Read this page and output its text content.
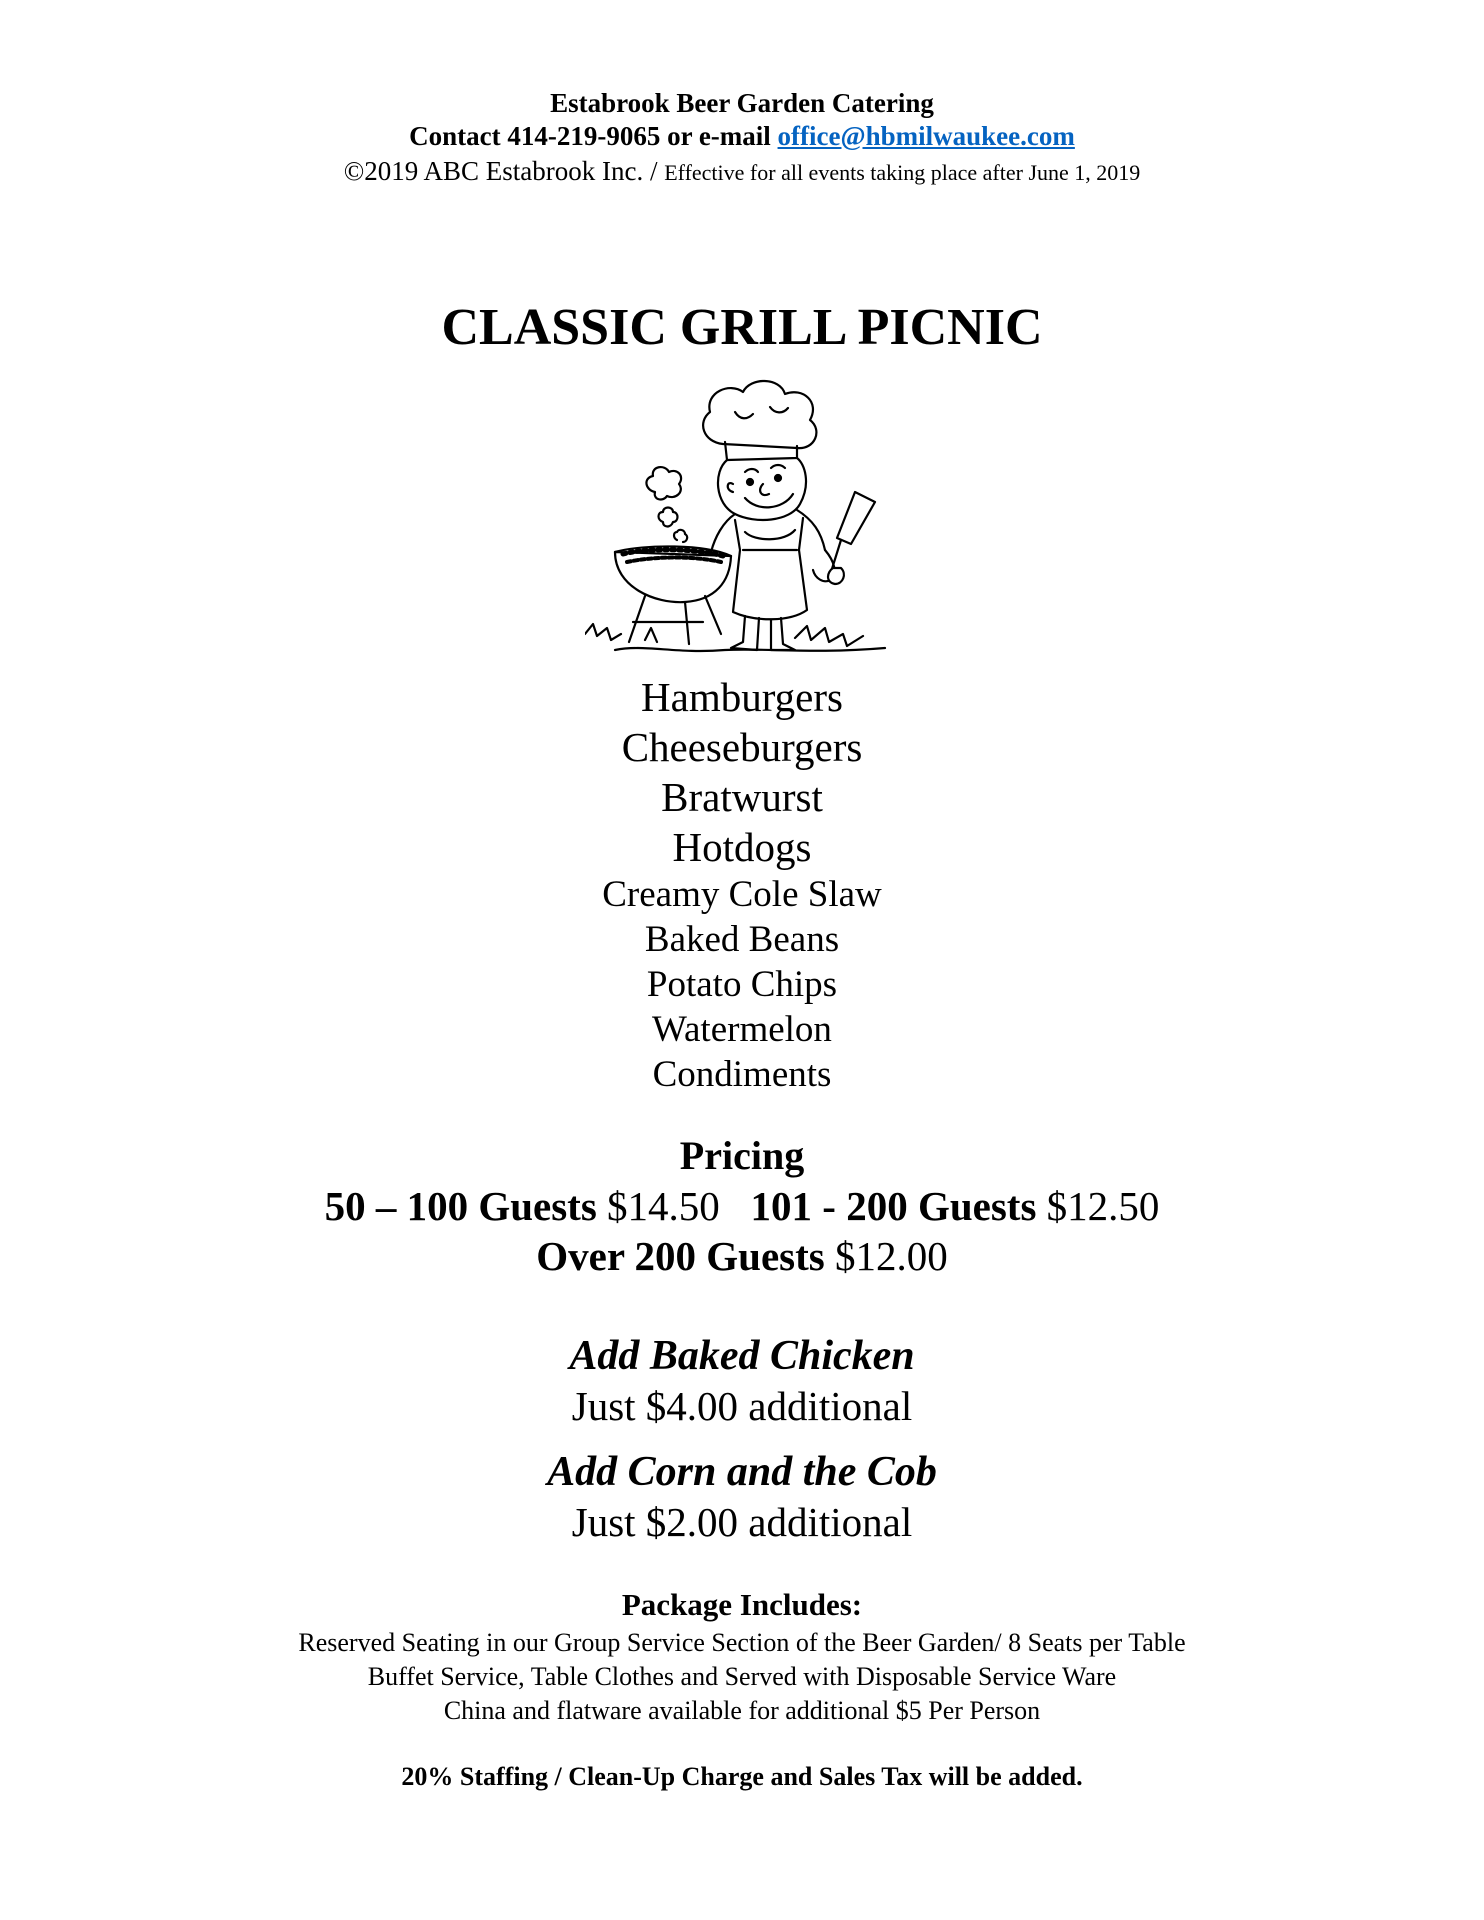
Estabrook Beer Garden Catering
Contact 414-219-9065 or e-mail office@hbmilwaukee.com
©2019 ABC Estabrook Inc. / Effective for all events taking place after June 1, 2019
CLASSIC GRILL PICNIC
Hamburgers
Cheeseburgers
Bratwurst
Hotdogs
Creamy Cole Slaw
Baked Beans
Potato Chips
Watermelon
Condiments
Pricing
50 – 100 Guests $14.50 101 - 200 Guests $12.50
Over 200 Guests $12.00
Add Baked Chicken
Just $4.00 additional
Add Corn and the Cob
Just $2.00 additional
Package Includes:
Reserved Seating in our Group Service Section of the Beer Garden/ 8 Seats per Table
Buffet Service, Table Clothes and Served with Disposable Service Ware
China and flatware available for additional $5 Per Person
20% Staffing / Clean-Up Charge and Sales Tax will be added.
